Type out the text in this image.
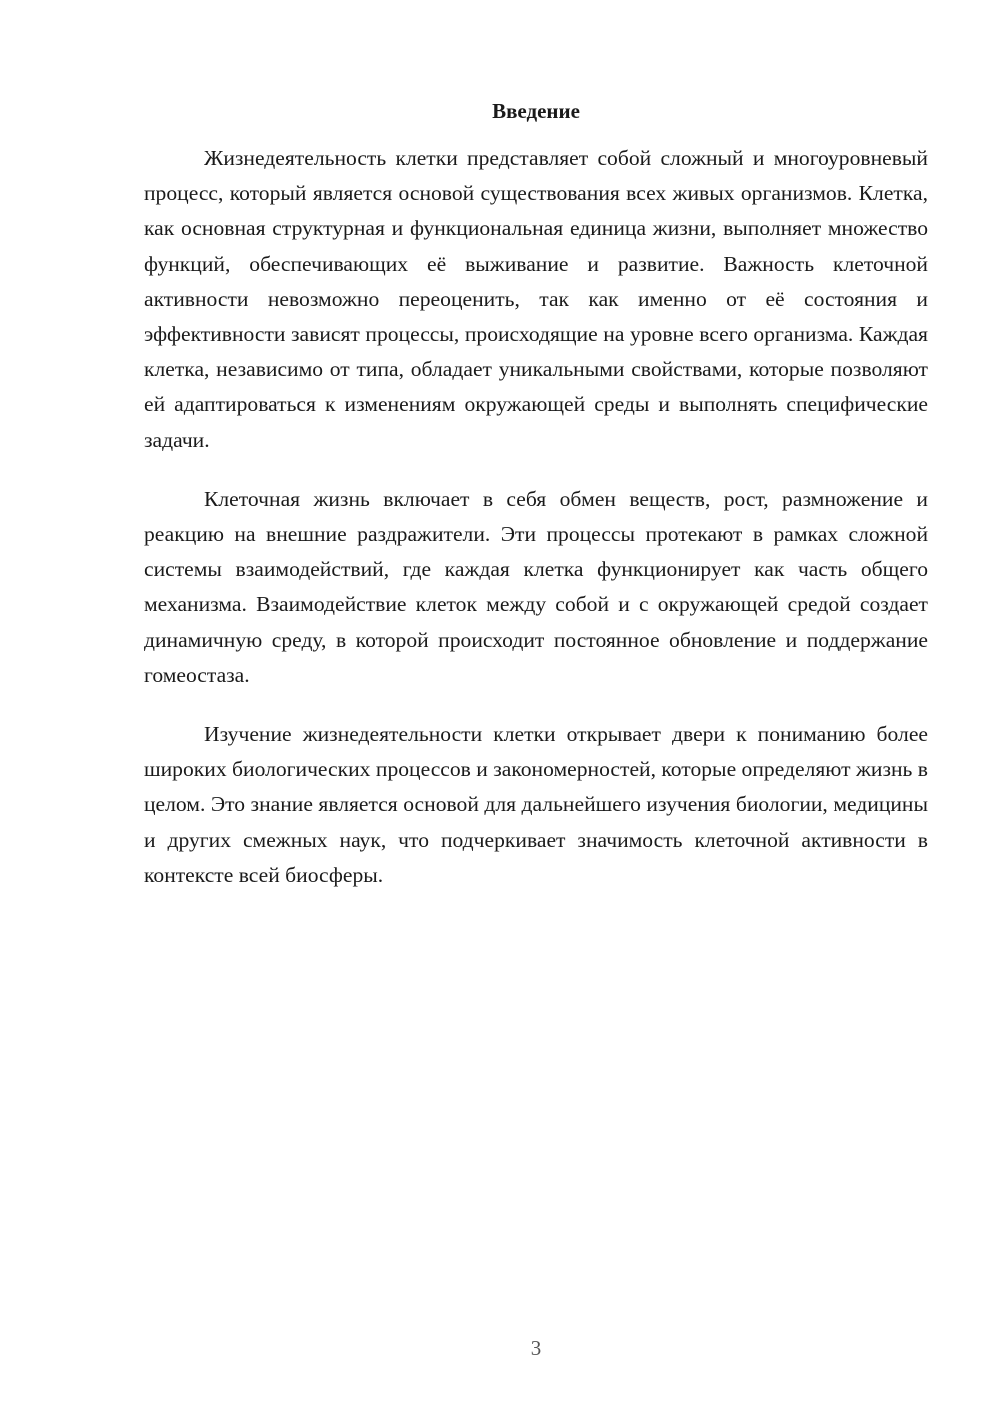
Введение

Жизнедеятельность клетки представляет собой сложный и многоуровневый процесс, который является основой существования всех живых организмов. Клетка, как основная структурная и функциональная единица жизни, выполняет множество функций, обеспечивающих её выживание и развитие. Важность клеточной активности невозможно переоценить, так как именно от её состояния и эффективности зависят процессы, происходящие на уровне всего организма. Каждая клетка, независимо от типа, обладает уникальными свойствами, которые позволяют ей адаптироваться к изменениям окружающей среды и выполнять специфические задачи.

Клеточная жизнь включает в себя обмен веществ, рост, размножение и реакцию на внешние раздражители. Эти процессы протекают в рамках сложной системы взаимодействий, где каждая клетка функционирует как часть общего механизма. Взаимодействие клеток между собой и с окружающей средой создает динамичную среду, в которой происходит постоянное обновление и поддержание гомеостаза.

Изучение жизнедеятельности клетки открывает двери к пониманию более широких биологических процессов и закономерностей, которые определяют жизнь в целом. Это знание является основой для дальнейшего изучения биологии, медицины и других смежных наук, что подчеркивает значимость клеточной активности в контексте всей биосферы.

3
